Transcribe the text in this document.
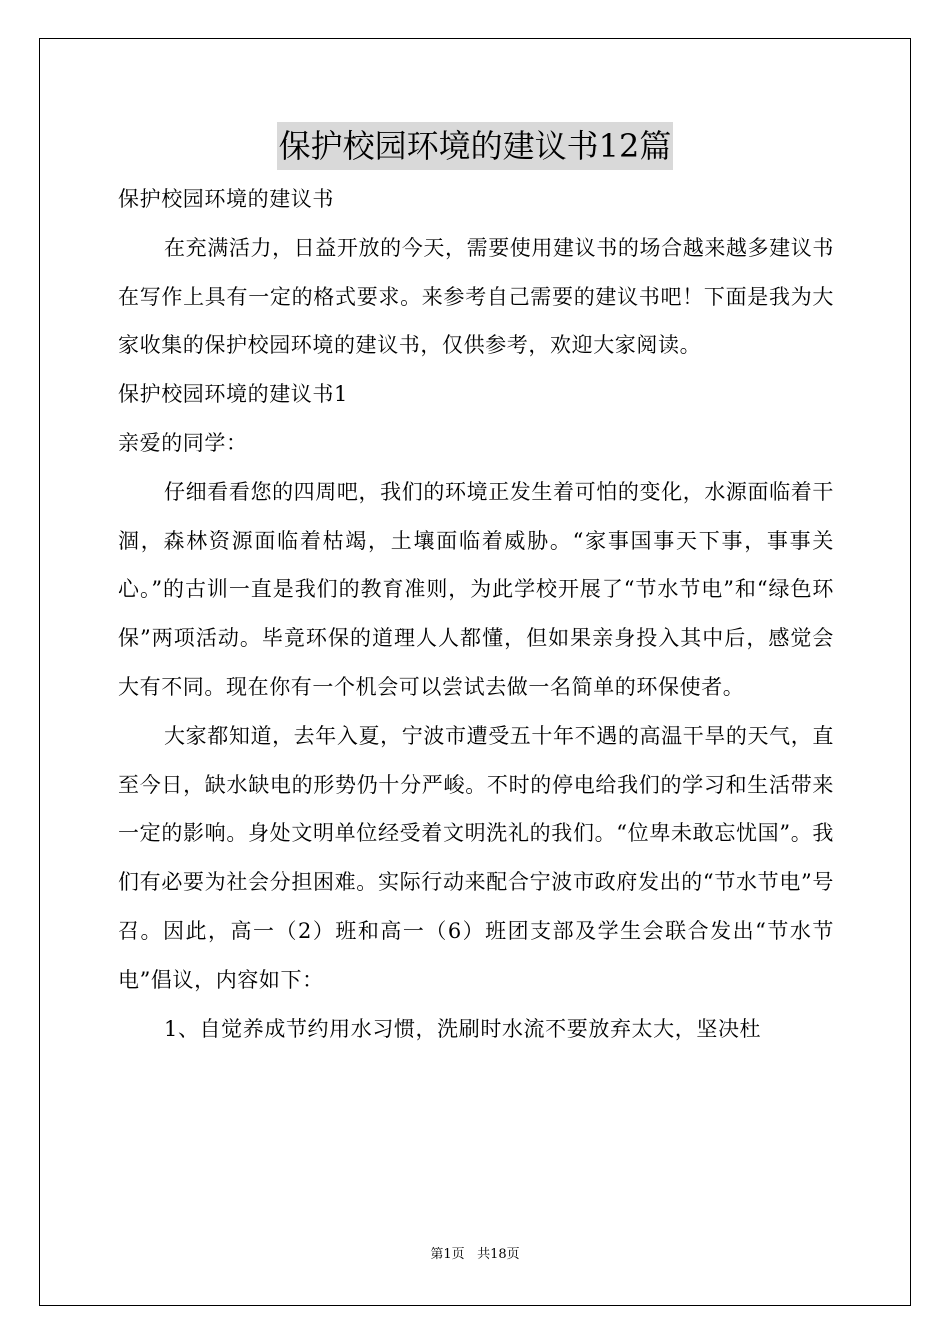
保护校园环境的建议书12篇

保护校园环境的建议书

在充满活力，日益开放的今天，需要使用建议书的场合越来越多建议书在写作上具有一定的格式要求。来参考自己需要的建议书吧！下面是我为大家收集的保护校园环境的建议书，仅供参考，欢迎大家阅读。

保护校园环境的建议书1

亲爱的同学：

仔细看看您的四周吧，我们的环境正发生着可怕的变化，水源面临着干涸，森林资源面临着枯竭，土壤面临着威胁。“家事国事天下事，事事关心。”的古训一直是我们的教育准则，为此学校开展了“节水节电”和“绿色环保”两项活动。毕竟环保的道理人人都懂，但如果亲身投入其中后，感觉会大有不同。现在你有一个机会可以尝试去做一名简单的环保使者。

大家都知道，去年入夏，宁波市遭受五十年不遇的高温干旱的天气，直至今日，缺水缺电的形势仍十分严峻。不时的停电给我们的学习和生活带来一定的影响。身处文明单位经受着文明洗礼的我们。“位卑未敢忘忧国”。我们有必要为社会分担困难。实际行动来配合宁波市政府发出的“节水节电”号召。因此，高一（2）班和高一（6）班团支部及学生会联合发出“节水节电”倡议，内容如下：

1、自觉养成节约用水习惯，洗刷时水流不要放弃太大，坚决杜

第1页 共18页
